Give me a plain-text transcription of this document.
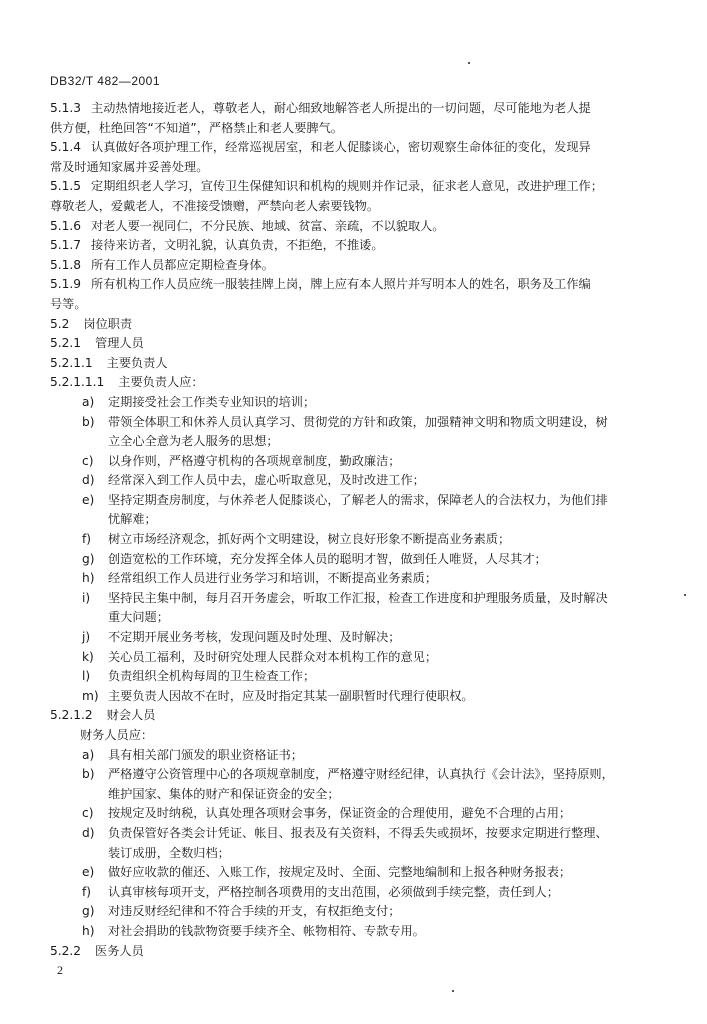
DB32/T 482—2001

5.1.3 主动热情地接近老人，尊敬老人，耐心细致地解答老人所提出的一切问题，尽可能地为老人提

供方便，杜绝回答“不知道”，严格禁止和老人要脾气。

5.1.4 认真做好各项护理工作，经常巡视居室，和老人促膝谈心，密切观察生命体征的变化，发现异

常及时通知家属并妥善处理。

5.1.5 定期组织老人学习，宣传卫生保健知识和机构的规则并作记录，征求老人意见，改进护理工作；

尊敬老人，爱戴老人，不准接受馈赠，严禁向老人索要钱物。

5.1.6 对老人要一视同仁，不分民族、地域、贫富、亲疏，不以貌取人。

5.1.7 接待来访者，文明礼貌，认真负责，不拒绝，不推诿。

5.1.8 所有工作人员都应定期检查身体。

5.1.9 所有机构工作人员应统一服装挂牌上岗，牌上应有本人照片并写明本人的姓名，职务及工作编

号等。

5.2 岗位职责

5.2.1 管理人员

5.2.1.1 主要负责人

5.2.1.1.1 主要负责人应：

a)	定期接受社会工作类专业知识的培训；
b)	带领全体职工和休养人员认真学习、贯彻党的方针和政策，加强精神文明和物质文明建设，树
立全心全意为老人服务的思想；
c)	以身作则，严格遵守机构的各项规章制度，勤政廉洁；
d)	经常深入到工作人员中去，虚心听取意见，及时改进工作；
e)	坚持定期查房制度，与休养老人促膝谈心，了解老人的需求，保障老人的合法权力，为他们排
忧解难；
f)	树立市场经济观念，抓好两个文明建设，树立良好形象不断提高业务素质；
g)	创造宽松的工作环境，充分发挥全体人员的聪明才智，做到任人唯贤，人尽其才；
h)	经常组织工作人员进行业务学习和培训，不断提高业务素质；
i)	坚持民主集中制，每月召开务虚会，听取工作汇报，检查工作进度和护理服务质量，及时解决
重大问题；
j)	不定期开展业务考核，发现问题及时处理、及时解决；
k)	关心员工福利，及时研究处理人民群众对本机构工作的意见；
l)	负责组织全机构每周的卫生检查工作；
m) 主要负责人因故不在时，应及时指定其某一副职暂时代理行使职权。

5.2.1.2 财会人员

财务人员应：

a)	具有相关部门颁发的职业资格证书；
b)	严格遵守公资管理中心的各项规章制度，严格遵守财经纪律，认真执行《会计法》，坚持原则，
维护国家、集体的财产和保证资金的安全；
c)	按规定及时纳税，认真处理各项财会事务，保证资金的合理使用，避免不合理的占用；
d)	负责保管好各类会计凭证、帐目、报表及有关资料，不得丢失或损坏，按要求定期进行整理、
装订成册，全数归档；
e)	做好应收款的催还、入账工作，按规定及时、全面、完整地编制和上报各种财务报表；
f)	认真审核每项开支，严格控制各项费用的支出范围，必须做到手续完整，责任到人；
g)	对违反财经纪律和不符合手续的开支，有权拒绝支付；
h)	对社会捐助的钱款物资要手续齐全、帐物相符、专款专用。

5.2.2 医务人员

2
